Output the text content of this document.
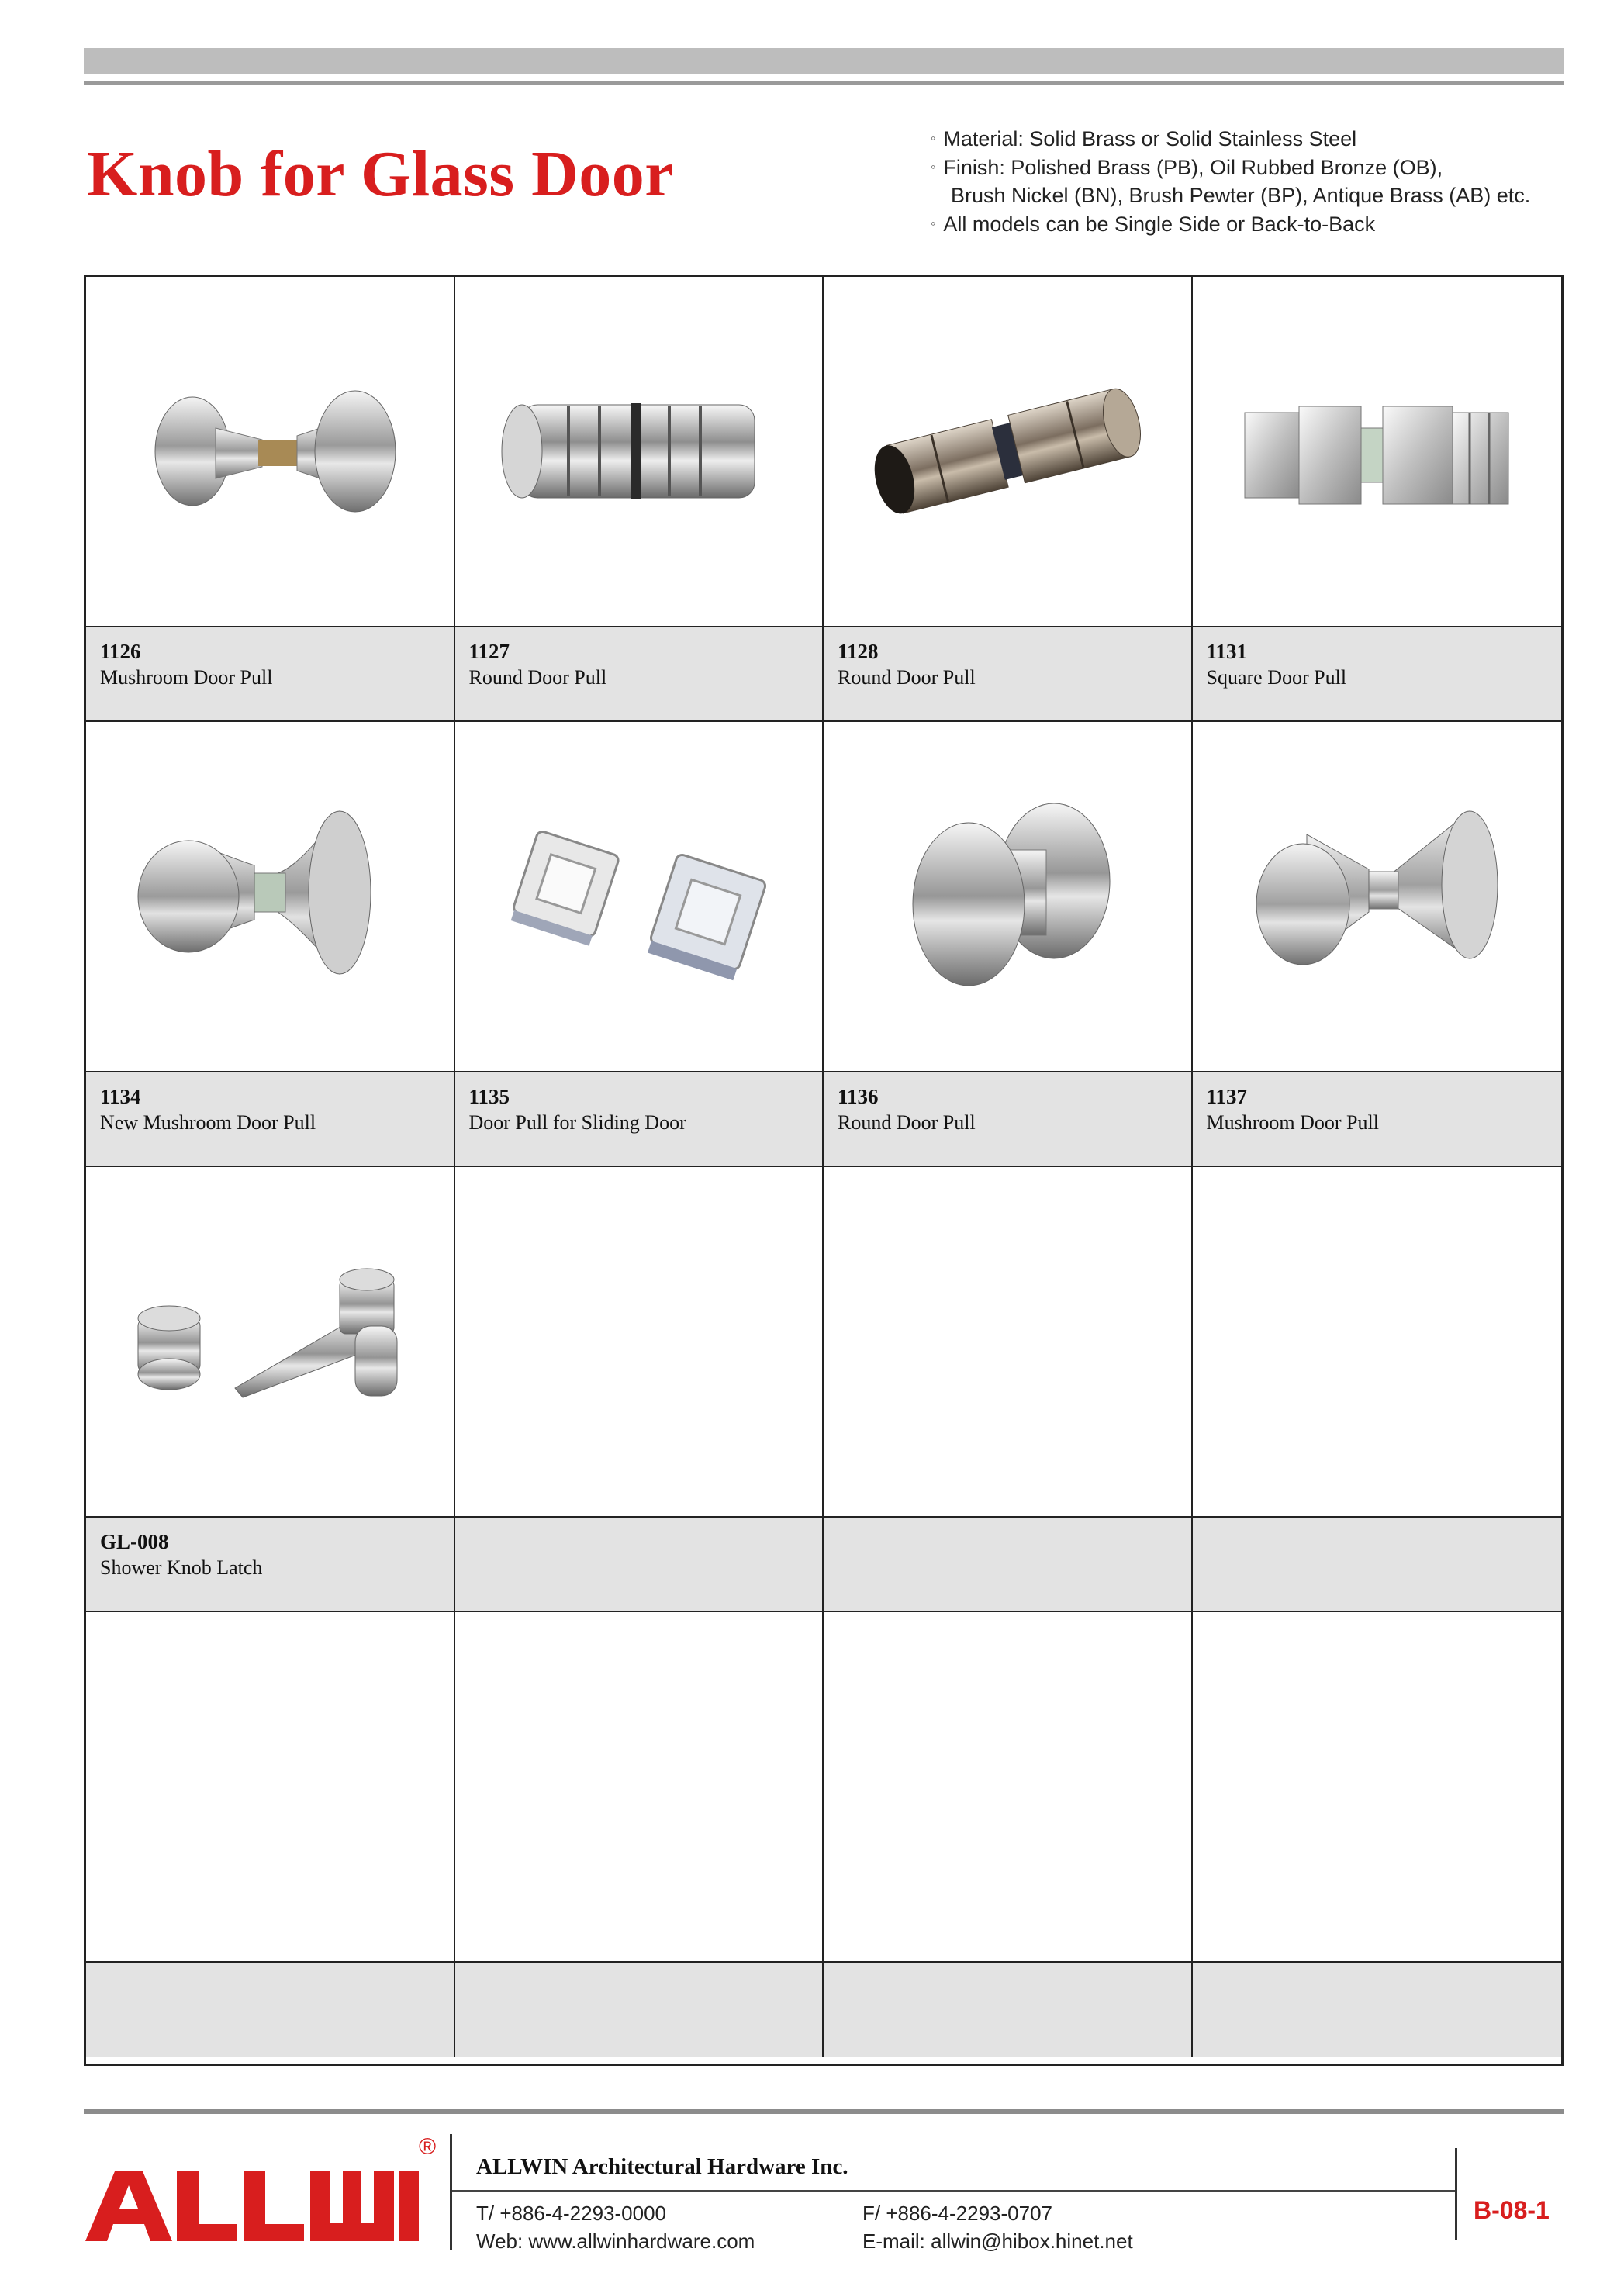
Knob for Glass Door	◦ Material: Solid Brass or Solid Stainless Steel
◦ Finish: Polished Brass (PB), Oil Rubbed Bronze (OB),
Brush Nickel (BN), Brush Pewter (BP), Antique Brass (AB) etc.
◦ All models can be Single Side or Back-to-Back
1126
Mushroom Door Pull
1127
Round Door Pull
1128
Round Door Pull
1131
Square Door Pull
1134
New Mushroom Door Pull
1135
Door Pull for Sliding Door
1136
Round Door Pull
1137
Mushroom Door Pull
GL-008
Shower Knob Latch
®
ALLWIN Architectural Hardware Inc.
T/ +886-4-2293-0000
Web: www.allwinhardware.com
F/ +886-4-2293-0707
E-mail: allwin@hibox.hinet.net
B-08-1
